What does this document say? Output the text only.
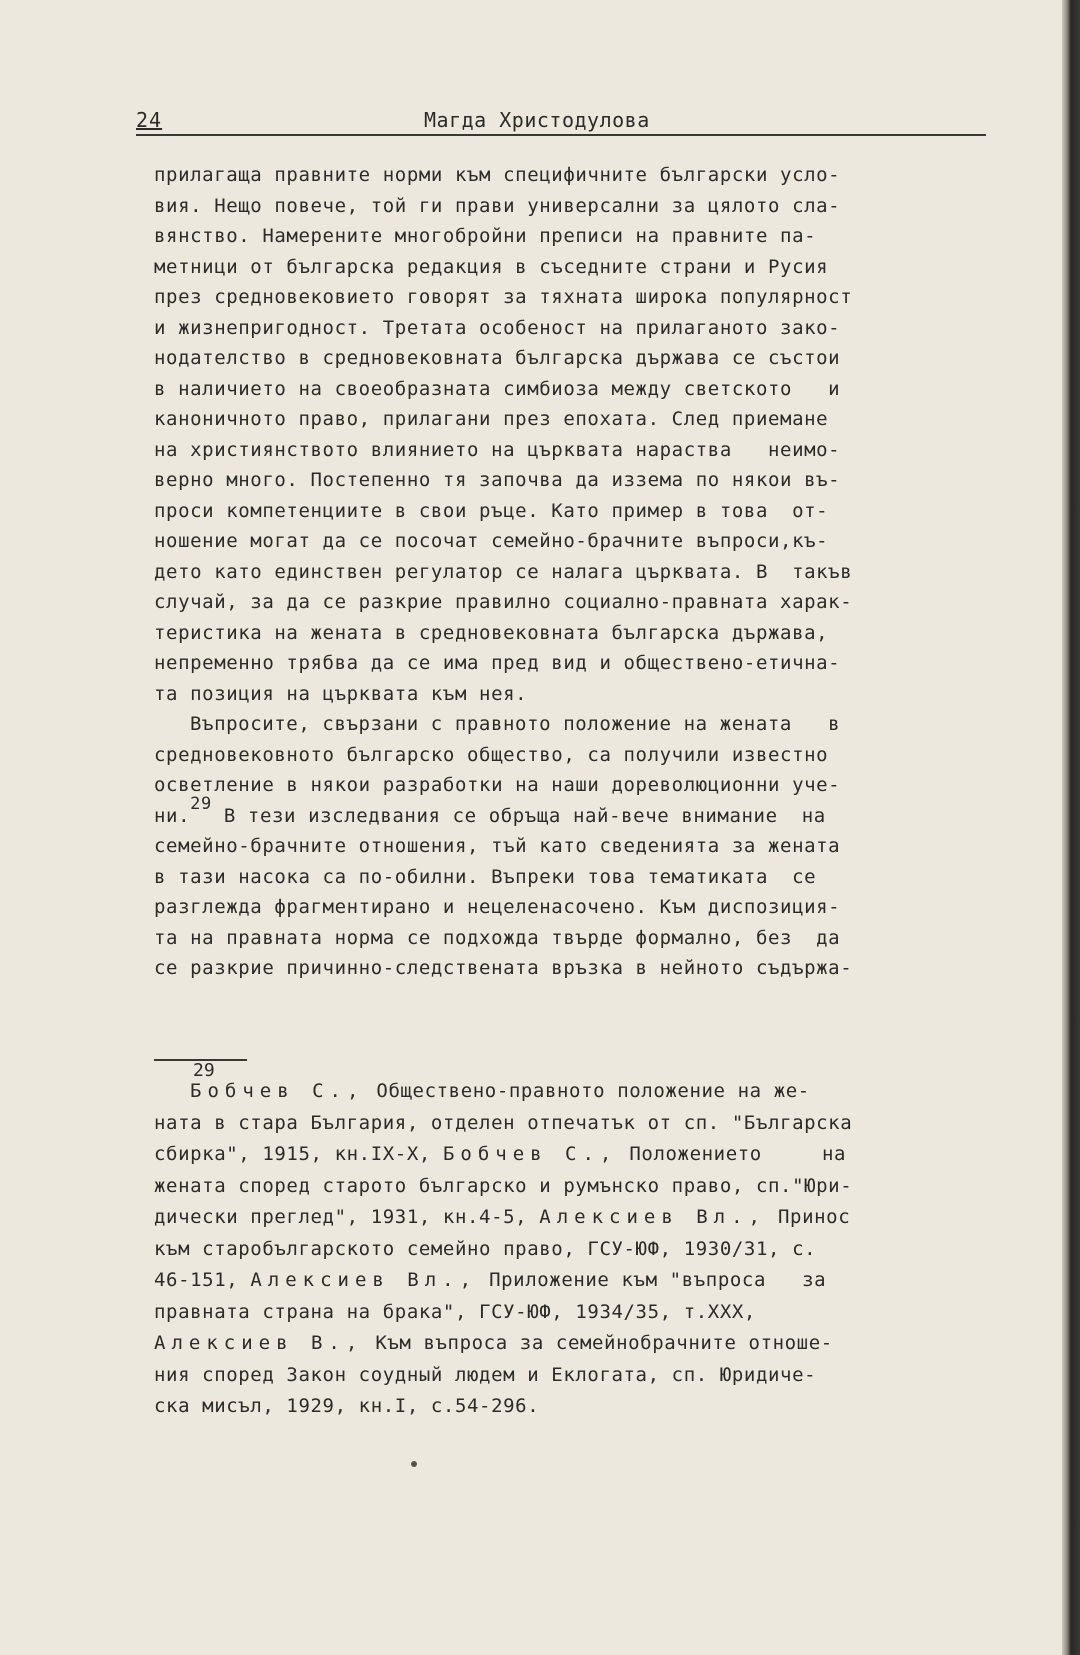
24	Магда Христодулова
прилагаща правните норми към специфичните български усло-
вия. Нещо повече, той ги прави универсални за цялото сла-
вянство. Намерените многобройни преписи на правните па-
метници от българска редакция в съседните страни и Русия
през средновековието говорят за тяхната широка популярност
и жизнепригодност. Третата особеност на прилаганото зако-
нодателство в средновековната българска държава се състои
в наличието на своеобразната симбиоза между светското   и
каноничното право, прилагани през епохата. След приемане
на християнството влиянието на църквата нараства   неимо-
верно много. Постепенно тя започва да иззема по някои въ-
проси компетенциите в свои ръце. Като пример в това  от-
ношение могат да се посочат семейно-брачните въпроси,къ-
дето като единствен регулатор се налага църквата. В  такъв
случай, за да се разкрие правилно социално-правната харак-
теристика на жената в средновековната българска държава,
непременно трябва да се има пред вид и обществено-етична-
та позиция на църквата към нея.
Въпросите, свързани с правното положение на жената   в
средновековното българско общество, са получили известно
осветление в някои разработки на наши дореволюционни уче-
ни.29 В тези изследвания се обръща най-вече внимание  на
семейно-брачните отношения, тъй като сведенията за жената
в тази насока са по-обилни. Въпреки това тематиката  се
разглежда фрагментирано и нецеленасочено. Към диспозиция-
та на правната норма се подхожда твърде формално, без  да
се разкрие причинно-следствената връзка в нейното съдържа-
29
Бобчев С., Обществено-правното положение на же-
ната в стара България, отделен отпечатък от сп. "Българска
сбирка", 1915, кн.IX-X, Бобчев С., Положението     на
жената според старото българско и румънско право, сп."Юри-
дически преглед", 1931, кн.4-5, Алексиев Вл., Принос
към старобългарското семейно право, ГСУ-ЮФ, 1930/31, с.
46-151, Алексиев Вл., Приложение към "въпроса   за
правната страна на брака", ГСУ-ЮФ, 1934/35, т.ХХХ,
Алексиев В., Към въпроса за семейнобрачните отноше-
ния според Закон соудный людем и Еклогата, сп. Юридиче-
ска мисъл, 1929, кн.I, с.54-296.
